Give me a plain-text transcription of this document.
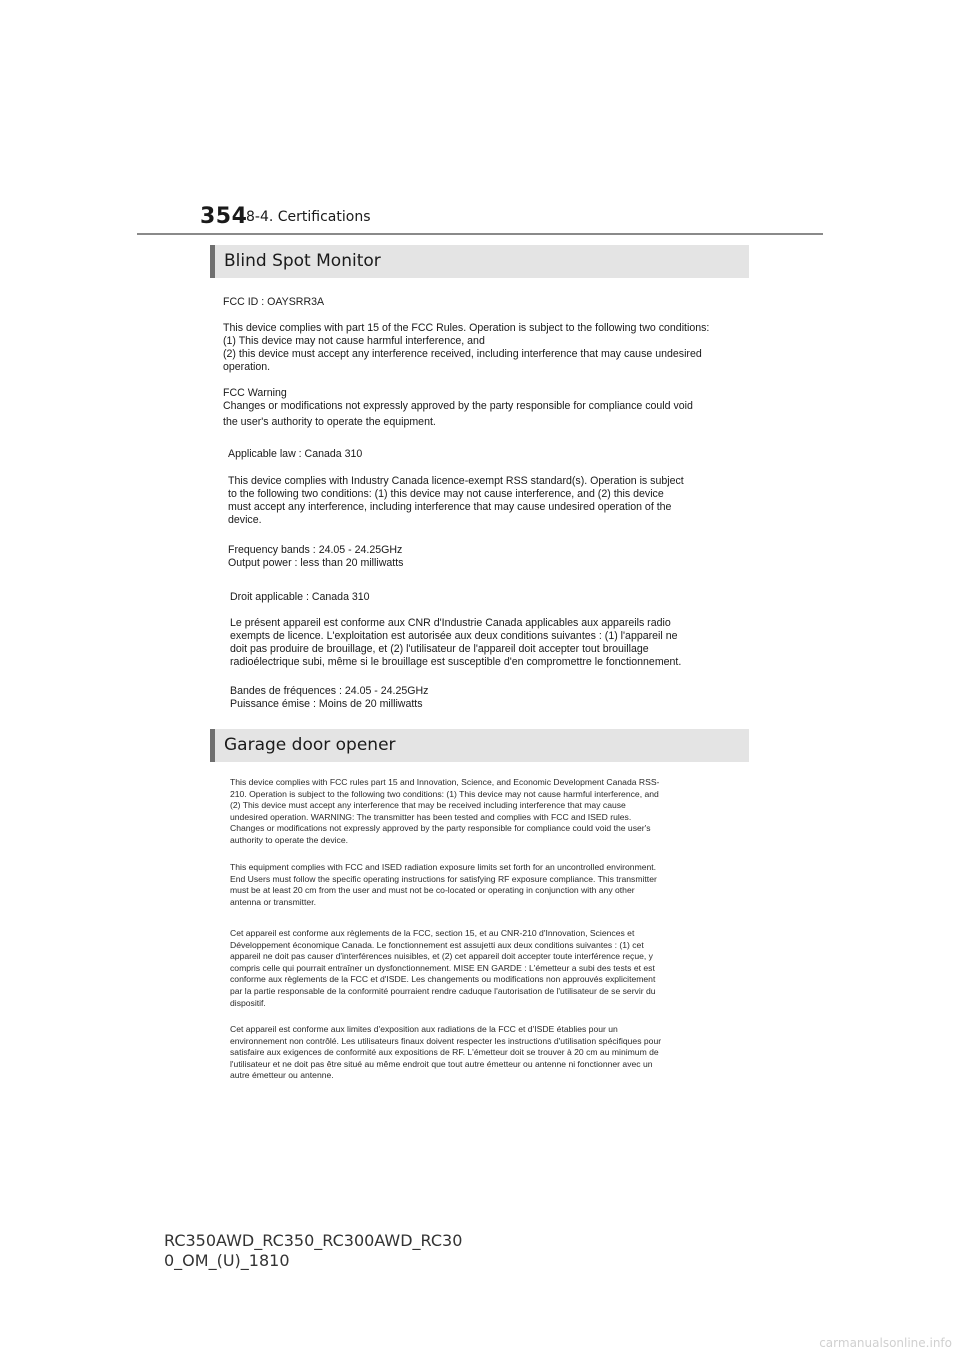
354
8-4. Certifications
Blind Spot Monitor
FCC ID : OAYSRR3A
This device complies with part 15 of the FCC Rules. Operation is subject to the following two conditions:
(1) This device may not cause harmful interference, and
(2) this device must accept any interference received, including interference that may cause undesired
operation.
FCC Warning
Changes or modifications not expressly approved by the party responsible for compliance could void
the user's authority to operate the equipment.
Applicable law : Canada 310
This device complies with Industry Canada licence-exempt RSS standard(s). Operation is subject
to the following two conditions: (1) this device may not cause interference, and (2) this device
must accept any interference, including interference that may cause undesired operation of the
device.
Frequency bands : 24.05 - 24.25GHz
Output power : less than 20 milliwatts
Droit applicable : Canada 310
Le présent appareil est conforme aux CNR d'Industrie Canada applicables aux appareils radio
exempts de licence. L'exploitation est autorisée aux deux conditions suivantes : (1) l'appareil ne
doit pas produire de brouillage, et (2) l'utilisateur de l'appareil doit accepter tout brouillage
radioélectrique subi, même si le brouillage est susceptible d'en compromettre le fonctionnement.
Bandes de fréquences : 24.05 - 24.25GHz
Puissance émise : Moins de 20 milliwatts
Garage door opener
This device complies with FCC rules part 15 and Innovation, Science, and Economic Development Canada RSS-
210. Operation is subject to the following two conditions: (1) This device may not cause harmful interference, and
(2) This device must accept any interference that may be received including interference that may cause
undesired operation. WARNING: The transmitter has been tested and complies with FCC and ISED rules.
Changes or modifications not expressly approved by the party responsible for compliance could void the user's
authority to operate the device.
This equipment complies with FCC and ISED radiation exposure limits set forth for an uncontrolled environment.
End Users must follow the specific operating instructions for satisfying RF exposure compliance. This transmitter
must be at least 20 cm from the user and must not be co-located or operating in conjunction with any other
antenna or transmitter.
Cet appareil est conforme aux règlements de la FCC, section 15, et au CNR-210 d'Innovation, Sciences et
Développement économique Canada. Le fonctionnement est assujetti aux deux conditions suivantes : (1) cet
appareil ne doit pas causer d'interférences nuisibles, et (2) cet appareil doit accepter toute interférence reçue, y
compris celle qui pourrait entraîner un dysfonctionnement. MISE EN GARDE : L'émetteur a subi des tests et est
conforme aux règlements de la FCC et d'ISDE. Les changements ou modifications non approuvés explicitement
par la partie responsable de la conformité pourraient rendre caduque l'autorisation de l'utilisateur de se servir du
dispositif.
Cet appareil est conforme aux limites d'exposition aux radiations de la FCC et d'ISDE établies pour un
environnement non contrôlé. Les utilisateurs finaux doivent respecter les instructions d'utilisation spécifiques pour
satisfaire aux exigences de conformité aux expositions de RF. L'émetteur doit se trouver à 20 cm au minimum de
l'utilisateur et ne doit pas être situé au même endroit que tout autre émetteur ou antenne ni fonctionner avec un
autre émetteur ou antenne.
RC350AWD_RC350_RC300AWD_RC30
0_OM_(U)_1810
carmanualsonline.info
